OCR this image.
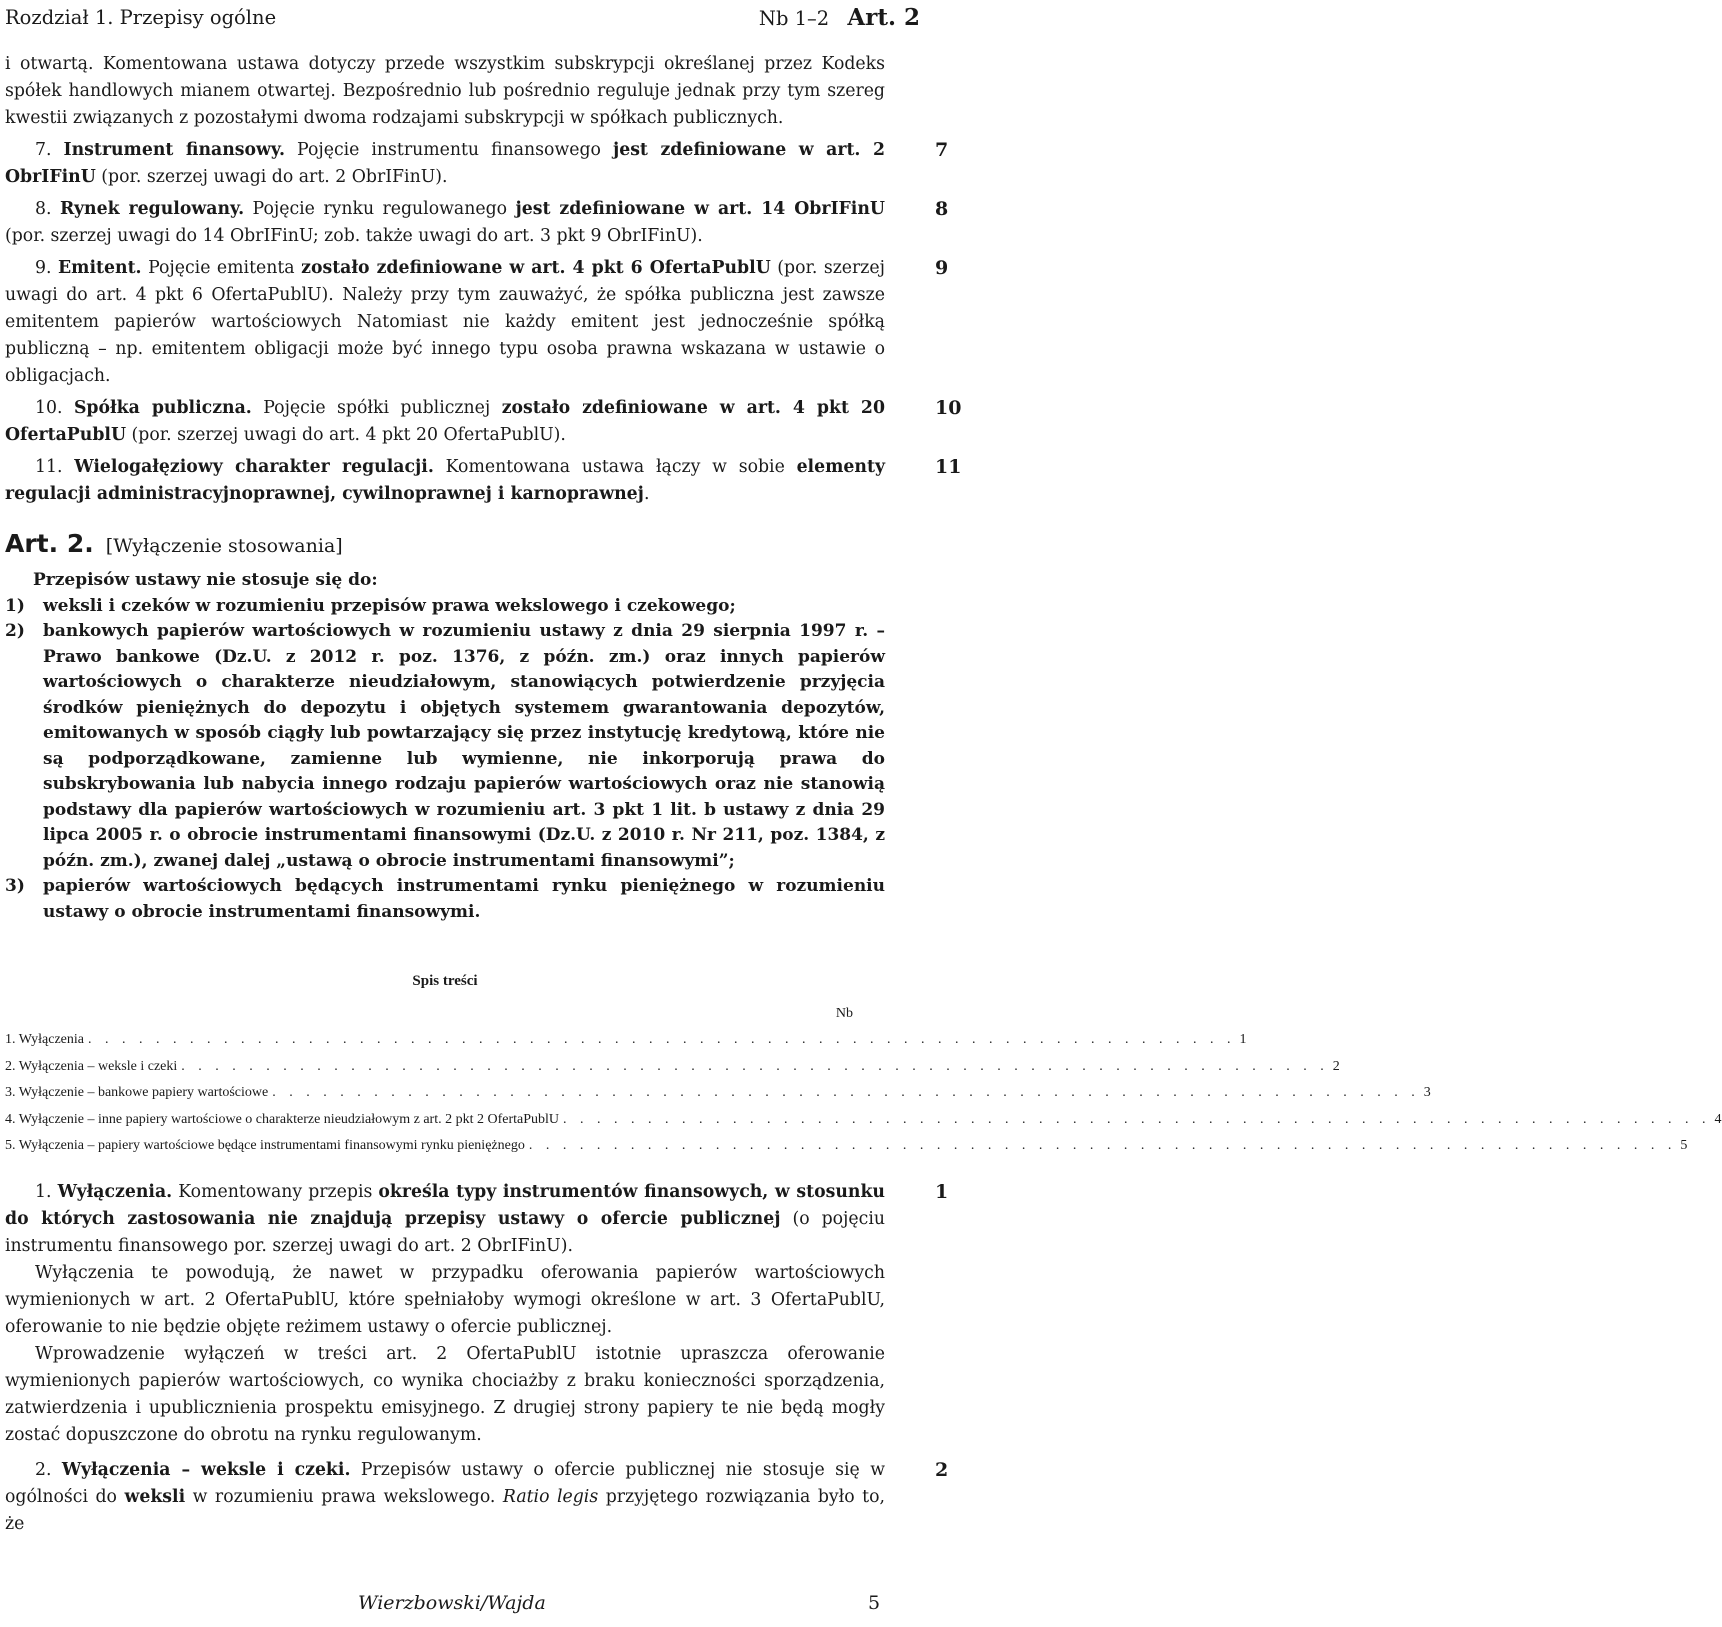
Rozdział 1. Przepisy ogólne	Nb 1–2 Art. 2

i otwartą. Komentowana ustawa dotyczy przede wszystkim subskrypcji określanej przez Kodeks spółek handlowych mianem otwartej. Bezpośrednio lub pośrednio reguluje jednak przy tym szereg kwestii związanych z pozostałymi dwoma rodzajami subskrypcji w spółkach publicznych.

7
7. Instrument finansowy. Pojęcie instrumentu finansowego jest zdefiniowane w art. 2 ObrIFinU (por. szerzej uwagi do art. 2 ObrIFinU).

8
8. Rynek regulowany. Pojęcie rynku regulowanego jest zdefiniowane w art. 14 ObrIFinU (por. szerzej uwagi do 14 ObrIFinU; zob. także uwagi do art. 3 pkt 9 ObrIFinU).

9
9. Emitent. Pojęcie emitenta zostało zdefiniowane w art. 4 pkt 6 OfertaPublU (por. szerzej uwagi do art. 4 pkt 6 OfertaPublU). Należy przy tym zauważyć, że spółka publiczna jest zawsze emitentem papierów wartościowych Natomiast nie każdy emitent jest jednocześnie spółką publiczną – np. emitentem obligacji może być innego typu osoba prawna wskazana w ustawie o obligacjach.

10
10. Spółka publiczna. Pojęcie spółki publicznej zostało zdefiniowane w art. 4 pkt 20 OfertaPublU (por. szerzej uwagi do art. 4 pkt 20 OfertaPublU).

11
11. Wielogałęziowy charakter regulacji. Komentowana ustawa łączy w sobie elementy regulacji administracyjnoprawnej, cywilnoprawnej i karnoprawnej.

Art. 2. [Wyłączenie stosowania]
Przepisów ustawy nie stosuje się do:
1) weksli i czeków w rozumieniu przepisów prawa wekslowego i czekowego;
2) bankowych papierów wartościowych w rozumieniu ustawy z dnia 29 sierpnia 1997 r. – Prawo bankowe (Dz.U. z 2012 r. poz. 1376, z późn. zm.) oraz innych papierów wartościowych o charakterze nieudziałowym, stanowiących potwierdzenie przyjęcia środków pieniężnych do depozytu i objętych systemem gwarantowania depozytów, emitowanych w sposób ciągły lub powtarzający się przez instytucję kredytową, które nie są podporządkowane, zamienne lub wymienne, nie inkorporują prawa do subskrybowania lub nabycia innego rodzaju papierów wartościowych oraz nie stanowią podstawy dla papierów wartościowych w rozumieniu art. 3 pkt 1 lit. b ustawy z dnia 29 lipca 2005 r. o obrocie instrumentami finansowymi (Dz.U. z 2010 r. Nr 211, poz. 1384, z późn. zm.), zwanej dalej „ustawą o obrocie instrumentami finansowymi”;
3) papierów wartościowych będących instrumentami rynku pieniężnego w rozumieniu ustawy o obrocie instrumentami finansowymi.
Spis treści
Nb
1. Wyłączenia . . . . . . . . . . . . . . . . . . . . . . . . . . . . . . . . . . . . . . . . . . . . . . . . . . . . . . . . . . . . . . . . . . . . 1
2. Wyłączenia – weksle i czeki . . . . . . . . . . . . . . . . . . . . . . . . . . . . . . . . . . . . . . . . . . . . . . . . . . . . . . . . . . . . . . . . . . . . 2
3. Wyłączenie – bankowe papiery wartościowe . . . . . . . . . . . . . . . . . . . . . . . . . . . . . . . . . . . . . . . . . . . . . . . . . . . . . . . . . . . . . . . . . . . . 3
4. Wyłączenie – inne papiery wartościowe o charakterze nieudziałowym z art. 2 pkt 2 OfertaPublU . . . . . . . . . . . . . . . . . . . . . . . . . . . . . . . . . . . . . . . . . . . . . . . . . . . . . . . . . . . . . . . . . . . . 4
5. Wyłączenia – papiery wartościowe będące instrumentami finansowymi rynku pieniężnego . . . . . . . . . . . . . . . . . . . . . . . . . . . . . . . . . . . . . . . . . . . . . . . . . . . . . . . . . . . . . . . . . . . . 5

1
1. Wyłączenia. Komentowany przepis określa typy instrumentów finansowych, w stosunku do których zastosowania nie znajdują przepisy ustawy o ofercie publicznej (o pojęciu instrumentu finansowego por. szerzej uwagi do art. 2 ObrIFinU).

Wyłączenia te powodują, że nawet w przypadku oferowania papierów wartościowych wymienionych w art. 2 OfertaPublU, które spełniałoby wymogi określone w art. 3 OfertaPublU, oferowanie to nie będzie objęte reżimem ustawy o ofercie publicznej.

Wprowadzenie wyłączeń w treści art. 2 OfertaPublU istotnie upraszcza oferowanie wymienionych papierów wartościowych, co wynika chociażby z braku konieczności sporządzenia, zatwierdzenia i upublicznienia prospektu emisyjnego. Z drugiej strony papiery te nie będą mogły zostać dopuszczone do obrotu na rynku regulowanym.

2
2. Wyłączenia – weksle i czeki. Przepisów ustawy o ofercie publicznej nie stosuje się w ogólności do weksli w rozumieniu prawa wekslowego. Ratio legis przyjętego rozwiązania było to, że

Wierzbowski/Wajda	5
